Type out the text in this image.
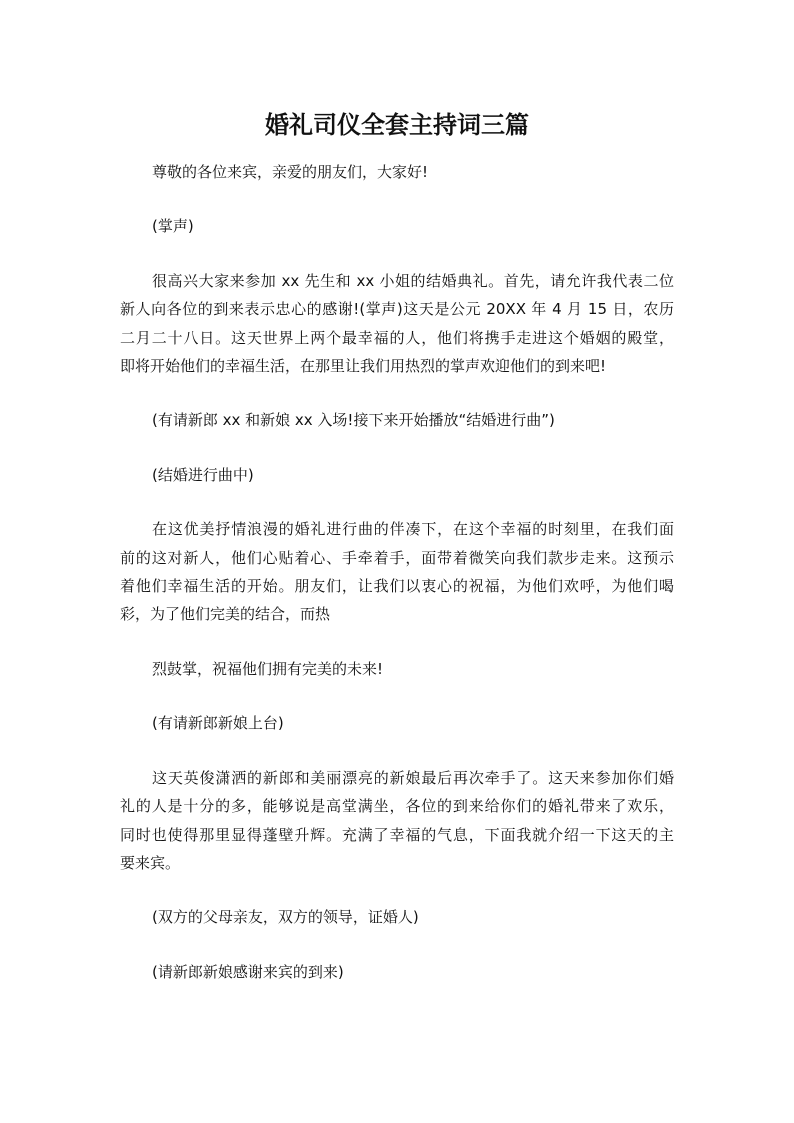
婚礼司仪全套主持词三篇
尊敬的各位来宾，亲爱的朋友们，大家好!
(掌声)
很高兴大家来参加 xx 先生和 xx 小姐的结婚典礼。首先，请允许我代表二位
新人向各位的到来表示忠心的感谢!(掌声)这天是公元 20XX 年 4 月 15 日，农历
二月二十八日。这天世界上两个最幸福的人，他们将携手走进这个婚姻的殿堂，
即将开始他们的幸福生活，在那里让我们用热烈的掌声欢迎他们的到来吧!
(有请新郎 xx 和新娘 xx 入场!接下来开始播放“结婚进行曲”)
(结婚进行曲中)
在这优美抒情浪漫的婚礼进行曲的伴凑下，在这个幸福的时刻里，在我们面
前的这对新人，他们心贴着心、手牵着手，面带着微笑向我们款步走来。这预示
着他们幸福生活的开始。朋友们，让我们以衷心的祝福，为他们欢呼，为他们喝
彩，为了他们完美的结合，而热
烈鼓掌，祝福他们拥有完美的未来!
(有请新郎新娘上台)
这天英俊潇洒的新郎和美丽漂亮的新娘最后再次牵手了。这天来参加你们婚
礼的人是十分的多，能够说是高堂满坐，各位的到来给你们的婚礼带来了欢乐，
同时也使得那里显得蓬壁升辉。充满了幸福的气息，下面我就介绍一下这天的主
要来宾。
(双方的父母亲友，双方的领导，证婚人)
(请新郎新娘感谢来宾的到来)
